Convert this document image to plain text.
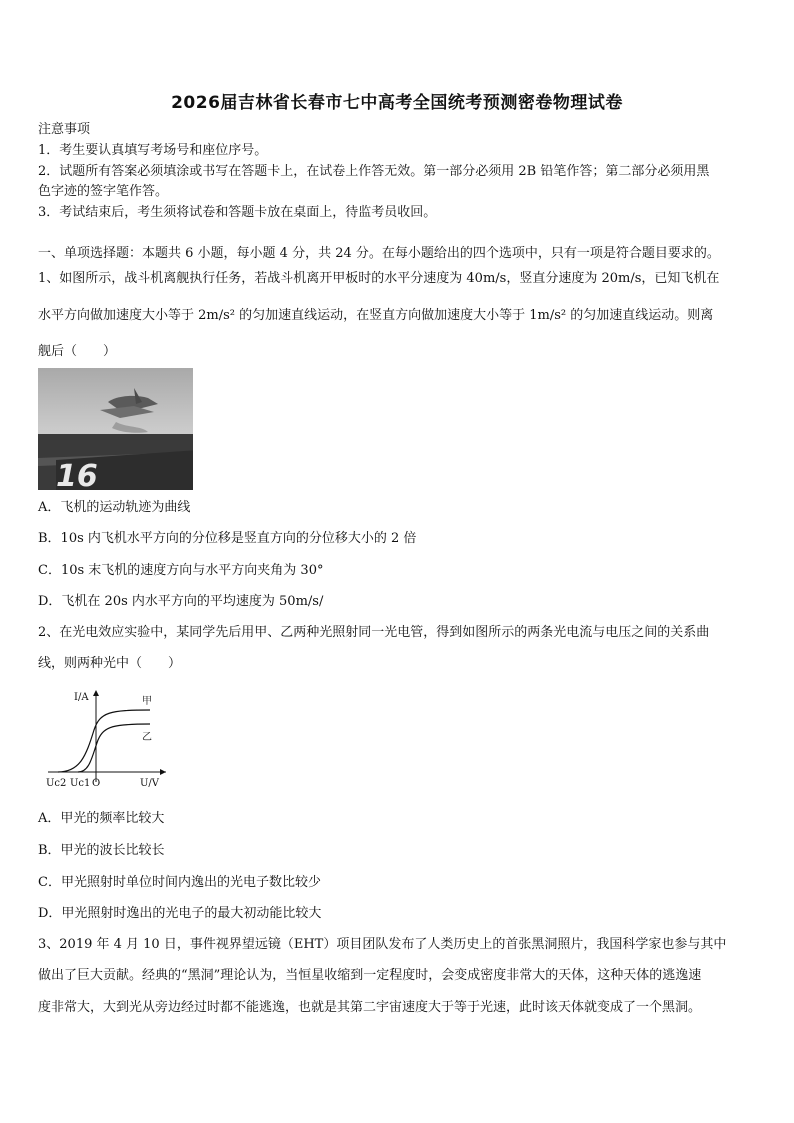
2026届吉林省长春市七中高考全国统考预测密卷物理试卷
注意事项
1．考生要认真填写考场号和座位序号。
2．试题所有答案必须填涂或书写在答题卡上，在试卷上作答无效。第一部分必须用 2B 铅笔作答；第二部分必须用黑
色字迹的签字笔作答。
3．考试结束后，考生须将试卷和答题卡放在桌面上，待监考员收回。
一、单项选择题：本题共 6 小题，每小题 4 分，共 24 分。在每小题给出的四个选项中，只有一项是符合题目要求的。
1、如图所示，战斗机离舰执行任务，若战斗机离开甲板时的水平分速度为 40m/s，竖直分速度为 20m/s，已知飞机在
水平方向做加速度大小等于 2m/s² 的匀加速直线运动，在竖直方向做加速度大小等于 1m/s² 的匀加速直线运动。则离
舰后（　　）
16
A．飞机的运动轨迹为曲线
B．10s 内飞机水平方向的分位移是竖直方向的分位移大小的 2 倍
C．10s 末飞机的速度方向与水平方向夹角为 30°
D．飞机在 20s 内水平方向的平均速度为 50m/s/
2、在光电效应实验中，某同学先后用甲、乙两种光照射同一光电管，得到如图所示的两条光电流与电压之间的关系曲
线，则两种光中（　　）
I/A
U/V
甲
乙
Uc2 Uc1 O
A．甲光的频率比较大
B．甲光的波长比较长
C．甲光照射时单位时间内逸出的光电子数比较少
D．甲光照射时逸出的光电子的最大初动能比较大
3、2019 年 4 月 10 日，事件视界望远镜（EHT）项目团队发布了人类历史上的首张黑洞照片，我国科学家也参与其中
做出了巨大贡献。经典的“黑洞”理论认为，当恒星收缩到一定程度时，会变成密度非常大的天体，这种天体的逃逸速
度非常大，大到光从旁边经过时都不能逃逸，也就是其第二宇宙速度大于等于光速，此时该天体就变成了一个黑洞。
